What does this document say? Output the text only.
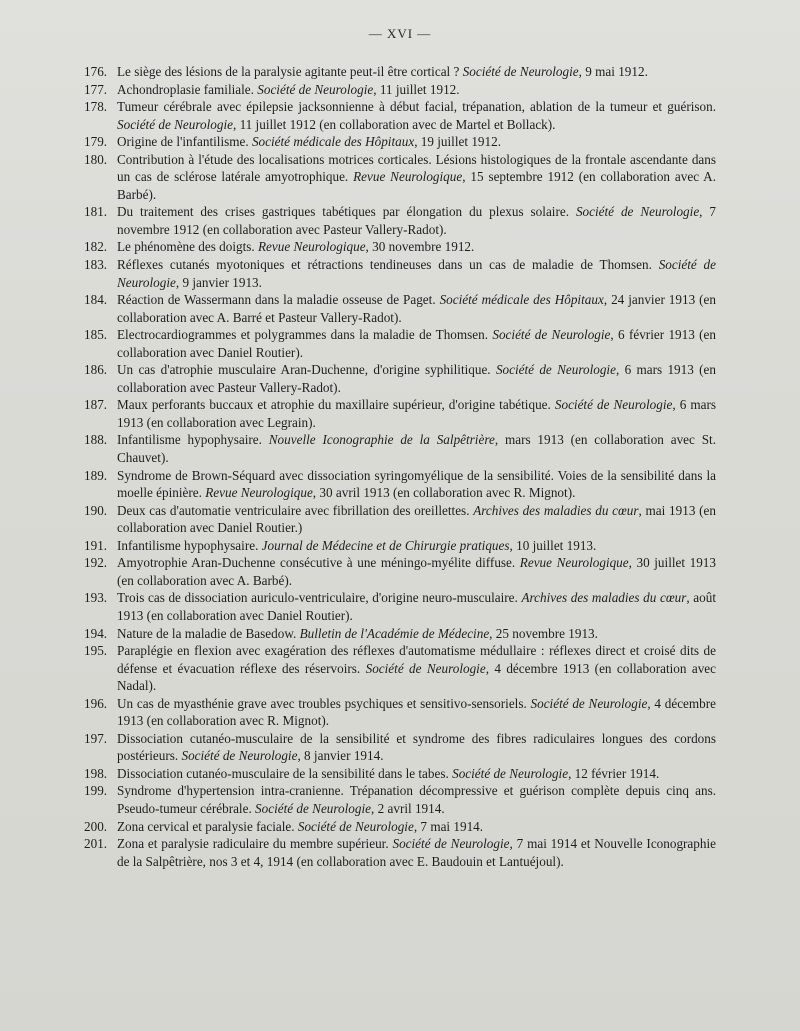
— XVI —
176. Le siège des lésions de la paralysie agitante peut-il être cortical ? Société de Neurologie, 9 mai 1912.
177. Achondroplasie familiale. Société de Neurologie, 11 juillet 1912.
178. Tumeur cérébrale avec épilepsie jacksonnienne à début facial, trépanation, ablation de la tumeur et guérison. Société de Neurologie, 11 juillet 1912 (en collaboration avec de Martel et Bollack).
179. Origine de l'infantilisme. Société médicale des Hôpitaux, 19 juillet 1912.
180. Contribution à l'étude des localisations motrices corticales. Lésions histologiques de la frontale ascendante dans un cas de sclérose latérale amyotrophique. Revue Neurologique, 15 septembre 1912 (en collaboration avec A. Barbé).
181. Du traitement des crises gastriques tabétiques par élongation du plexus solaire. Société de Neurologie, 7 novembre 1912 (en collaboration avec Pasteur Vallery-Radot).
182. Le phénomène des doigts. Revue Neurologique, 30 novembre 1912.
183. Réflexes cutanés myotoniques et rétractions tendineuses dans un cas de maladie de Thomsen. Société de Neurologie, 9 janvier 1913.
184. Réaction de Wassermann dans la maladie osseuse de Paget. Société médicale des Hôpitaux, 24 janvier 1913 (en collaboration avec A. Barré et Pasteur Vallery-Radot).
185. Electrocardiogrammes et polygrammes dans la maladie de Thomsen. Société de Neurologie, 6 février 1913 (en collaboration avec Daniel Routier).
186. Un cas d'atrophie musculaire Aran-Duchenne, d'origine syphilitique. Société de Neurologie, 6 mars 1913 (en collaboration avec Pasteur Vallery-Radot).
187. Maux perforants buccaux et atrophie du maxillaire supérieur, d'origine tabétique. Société de Neurologie, 6 mars 1913 (en collaboration avec Legrain).
188. Infantilisme hypophysaire. Nouvelle Iconographie de la Salpêtrière, mars 1913 (en collaboration avec St. Chauvet).
189. Syndrome de Brown-Séquard avec dissociation syringomyélique de la sensibilité. Voies de la sensibilité dans la moelle épinière. Revue Neurologique, 30 avril 1913 (en collaboration avec R. Mignot).
190. Deux cas d'automatie ventriculaire avec fibrillation des oreillettes. Archives des maladies du cœur, mai 1913 (en collaboration avec Daniel Routier.)
191. Infantilisme hypophysaire. Journal de Médecine et de Chirurgie pratiques, 10 juillet 1913.
192. Amyotrophie Aran-Duchenne consécutive à une méningo-myélite diffuse. Revue Neurologique, 30 juillet 1913 (en collaboration avec A. Barbé).
193. Trois cas de dissociation auriculo-ventriculaire, d'origine neuro-musculaire. Archives des maladies du cœur, août 1913 (en collaboration avec Daniel Routier).
194. Nature de la maladie de Basedow. Bulletin de l'Académie de Médecine, 25 novembre 1913.
195. Paraplégie en flexion avec exagération des réflexes d'automatisme médullaire : réflexes direct et croisé dits de défense et évacuation réflexe des réservoirs. Société de Neurologie, 4 décembre 1913 (en collaboration avec Nadal).
196. Un cas de myasthénie grave avec troubles psychiques et sensitivo-sensoriels. Société de Neurologie, 4 décembre 1913 (en collaboration avec R. Mignot).
197. Dissociation cutanéo-musculaire de la sensibilité et syndrome des fibres radiculaires longues des cordons postérieurs. Société de Neurologie, 8 janvier 1914.
198. Dissociation cutanéo-musculaire de la sensibilité dans le tabes. Société de Neurologie, 12 février 1914.
199. Syndrome d'hypertension intra-cranienne. Trépanation décompressive et guérison complète depuis cinq ans. Pseudo-tumeur cérébrale. Société de Neurologie, 2 avril 1914.
200. Zona cervical et paralysie faciale. Société de Neurologie, 7 mai 1914.
201. Zona et paralysie radiculaire du membre supérieur. Société de Neurologie, 7 mai 1914 et Nouvelle Iconographie de la Salpêtrière, nos 3 et 4, 1914 (en collaboration avec E. Baudouin et Lantuéjoul).
